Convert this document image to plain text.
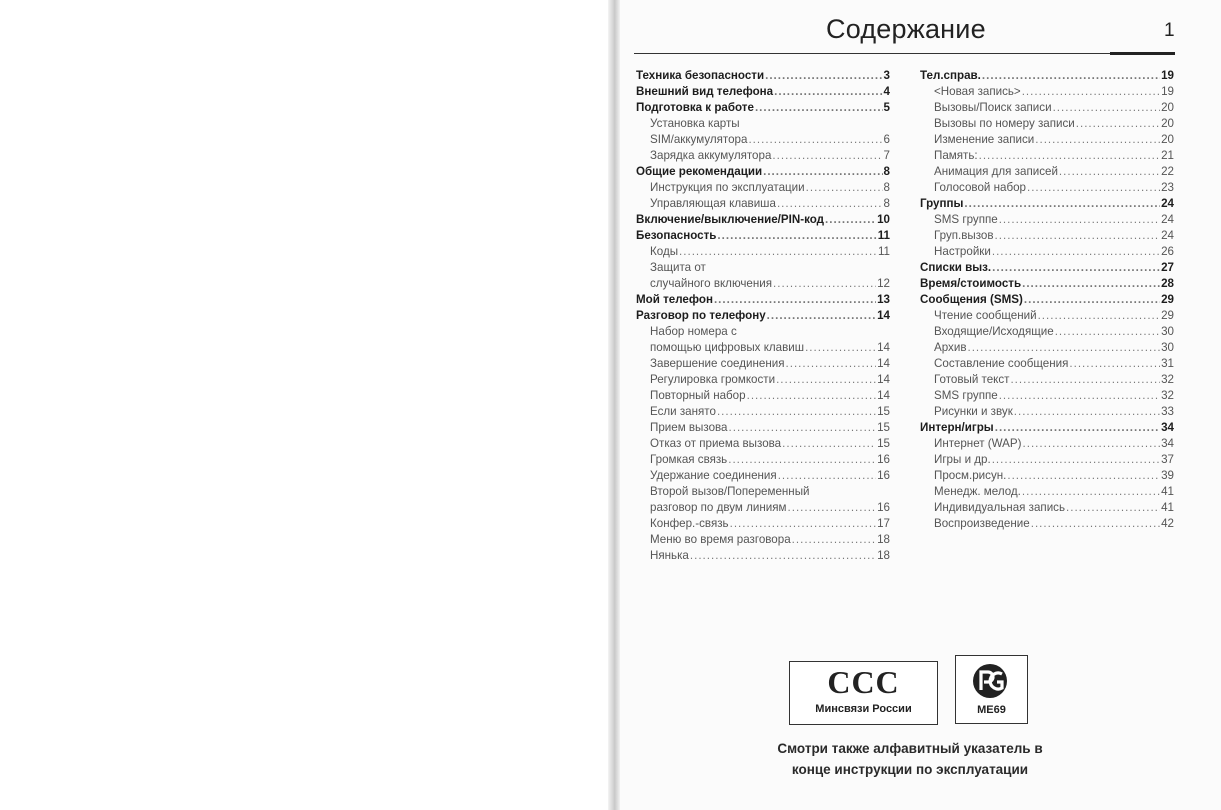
Содержание	1
Техника безопасности .....	3
Внешний вид телефона .....	4
Подготовка к работе .....	5
Установка карты
SIM/аккумулятора .....	6
Зарядка аккумулятора .....	7
Общие рекомендации .....	8
Инструкция по эксплуатации .....	8
Управляющая клавиша .....	8
Включение/выключение/PIN-код .....	10
Безопасность .....	11
Коды .....	11
Защита от
случайного включения .....	12
Мой телефон .....	13
Разговор по телефону .....	14
Набор номера с
помощью цифровых клавиш .....	14
Завершение соединения .....	14
Регулировка громкости .....	14
Повторный набор .....	14
Если занято .....	15
Прием вызова .....	15
Отказ от приема вызова .....	15
Громкая связь .....	16
Удержание соединения .....	16
Второй вызов/Попеременный
разговор по двум линиям .....	16
Конфер.-связь .....	17
Меню во время разговора .....	18
Нянька .....	18
Тел.справ. .....	19
<Новая запись> .....	19
Вызовы/Поиск записи .....	20
Вызовы по номеру записи .....	20
Изменение записи .....	20
Память: .....	21
Анимация для записей .....	22
Голосовой набор .....	23
Группы .....	24
SMS группе .....	24
Груп.вызов .....	24
Настройки .....	26
Списки выз. .....	27
Время/стоимость .....	28
Сообщения (SMS) .....	29
Чтение сообщений .....	29
Входящие/Исходящие .....	30
Архив .....	30
Составление сообщения .....	31
Готовый текст .....	32
SMS группе .....	32
Рисунки и звук .....	33
Интерн/игры .....	34
Интернет (WAP) .....	34
Игры и др. .....	37
Просм.рисун. .....	39
Менедж. мелод. .....	41
Индивидуальная запись .....	41
Воспроизведение .....	42
CCC
Минсвязи России	ME69
Смотри также алфавитный указатель в
конце инструкции по эксплуатации
